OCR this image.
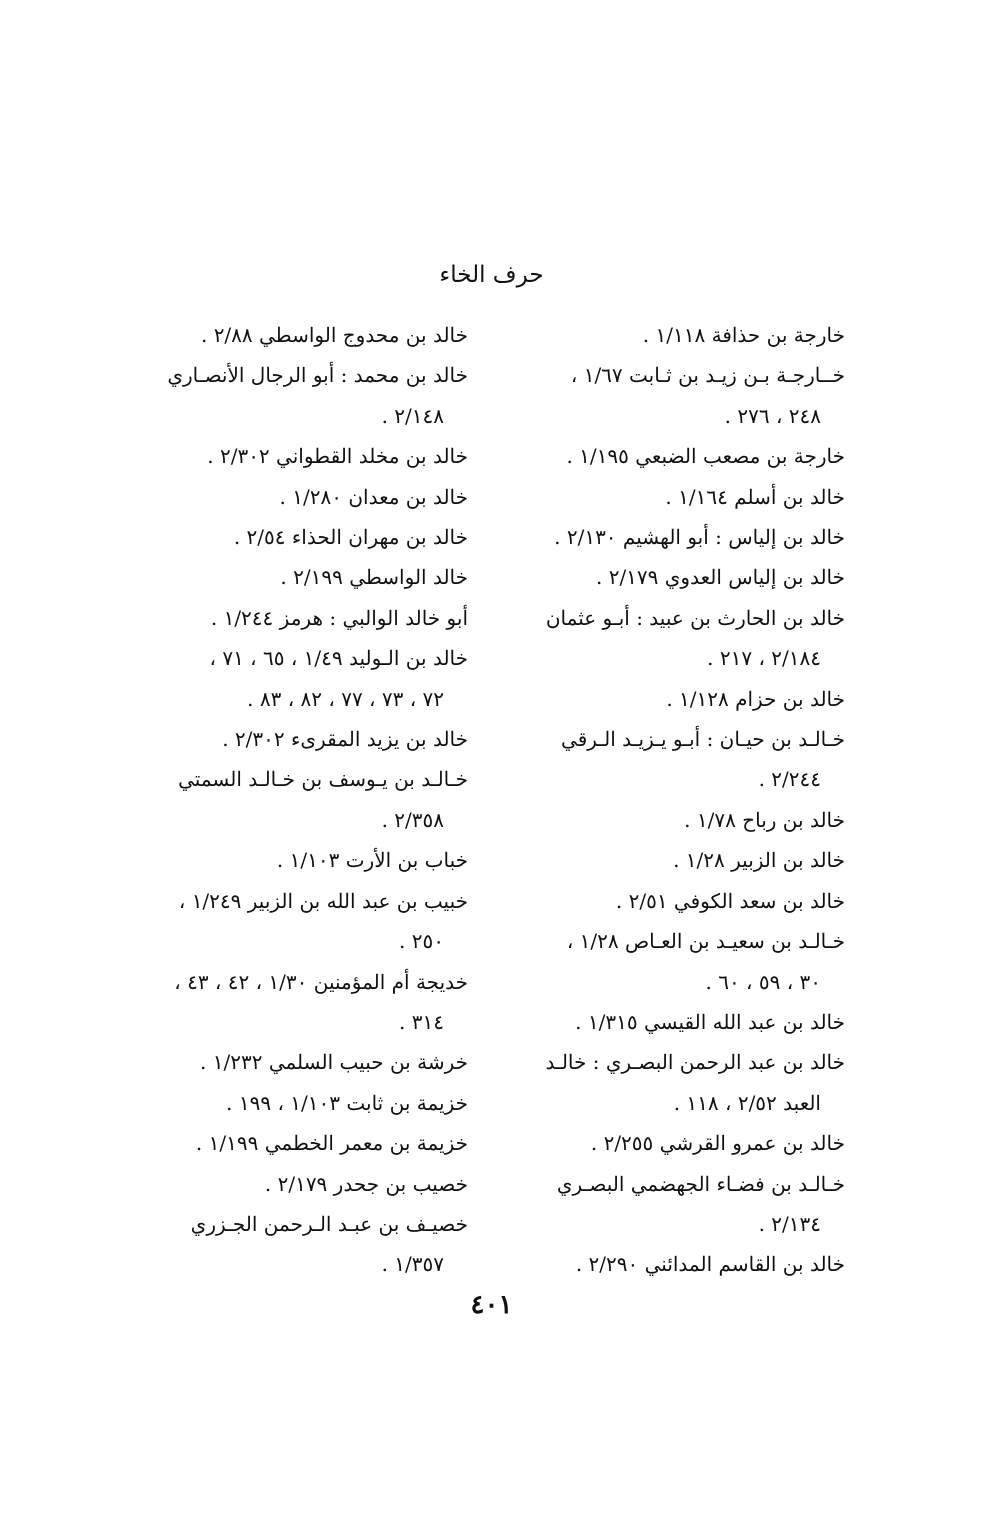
حرف الخاء
خارجة بن حذافة ١/١١٨ .
خــارجـة بـن زيـد بن ثـابت ١/٦٧ ،
٢٤٨ ، ٢٧٦ .
خارجة بن مصعب الضبعي ١/١٩٥ .
خالد بن أسلم ١/١٦٤ .
خالد بن إلياس : أبو الهشيم ٢/١٣٠ .
خالد بن إلياس العدوي ٢/١٧٩ .
خالد بن الحارث بن عبيد : أبـو عثمان
٢/١٨٤ ، ٢١٧ .
خالد بن حزام ١/١٢٨ .
خـالـد بن حيـان : أبـو يـزيـد الـرقي
٢/٢٤٤ .
خالد بن رباح ١/٧٨ .
خالد بن الزبير ١/٢٨ .
خالد بن سعد الكوفي ٢/٥١ .
خـالـد بن سعيـد بن العـاص ١/٢٨ ،
٣٠ ، ٥٩ ، ٦٠ .
خالد بن عبد الله القيسي ١/٣١٥ .
خالد بن عبد الرحمن البصـري : خالـد
العبد ٢/٥٢ ، ١١٨ .
خالد بن عمرو القرشي ٢/٢٥٥ .
خـالـد بن فضـاء الجهضمي البصـري
٢/١٣٤ .
خالد بن القاسم المدائني ٢/٢٩٠ .
خالد بن محدوج الواسطي ٢/٨٨ .
خالد بن محمد : أبو الرجال الأنصـاري
٢/١٤٨ .
خالد بن مخلد القطواني ٢/٣٠٢ .
خالد بن معدان ١/٢٨٠ .
خالد بن مهران الحذاء ٢/٥٤ .
خالد الواسطي ٢/١٩٩ .
أبو خالد الوالبي : هرمز ١/٢٤٤ .
خالد بن الـوليد ١/٤٩ ، ٦٥ ، ٧١ ،
٧٢ ، ٧٣ ، ٧٧ ، ٨٢ ، ٨٣ .
خالد بن يزيد المقرىء ٢/٣٠٢ .
خـالـد بن يـوسف بن خـالـد السمتي
٢/٣٥٨ .
خباب بن الأرت ١/١٠٣ .
خبيب بن عبد الله بن الزبير ١/٢٤٩ ،
٢٥٠ .
خديجة أم المؤمنين ١/٣٠ ، ٤٢ ، ٤٣ ،
٣١٤ .
خرشة بن حبيب السلمي ١/٢٣٢ .
خزيمة بن ثابت ١/١٠٣ ، ١٩٩ .
خزيمة بن معمر الخطمي ١/١٩٩ .
خصيب بن جحدر ٢/١٧٩ .
خصيـف بن عبـد الـرحمن الجـزري
١/٣٥٧ .
٤٠١
